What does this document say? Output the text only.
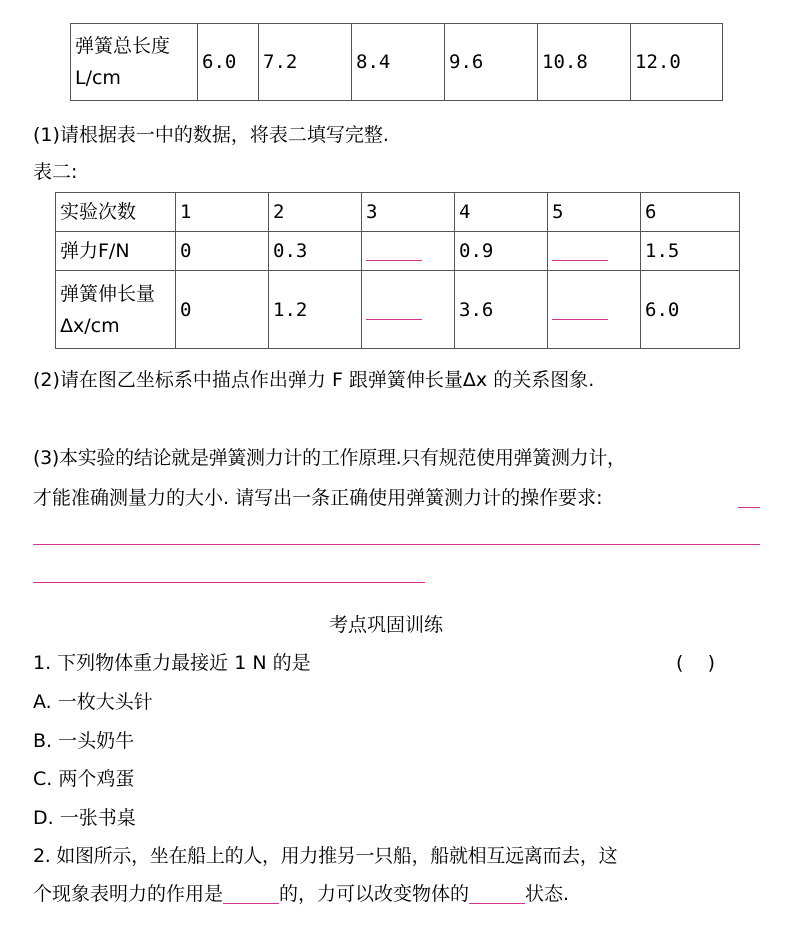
弹簧总长度L/cm	6.0	7.2	8.4	9.6	10.8	12.0
(1)请根据表一中的数据，将表二填写完整.
表二:
实验次数	1	2	3	4	5	6
弹力F/N	0	0.3		0.9		1.5
弹簧伸长量 Δx/cm	0	1.2		3.6		6.0
(2)请在图乙坐标系中描点作出弹力 F 跟弹簧伸长量Δx 的关系图象.
(3)本实验的结论就是弹簧测力计的工作原理.只有规范使用弹簧测力计，
才能准确测量力的大小. 请写出一条正确使用弹簧测力计的操作要求:
考点巩固训练
1. 下列物体重力最接近 1 N 的是	(    )
A. 一枚大头针
B. 一头奶牛
C. 两个鸡蛋
D. 一张书桌
2. 如图所示，坐在船上的人，用力推另一只船，船就相互远离而去，这
个现象表明力的作用是	的，力可以改变物体的	状态.
